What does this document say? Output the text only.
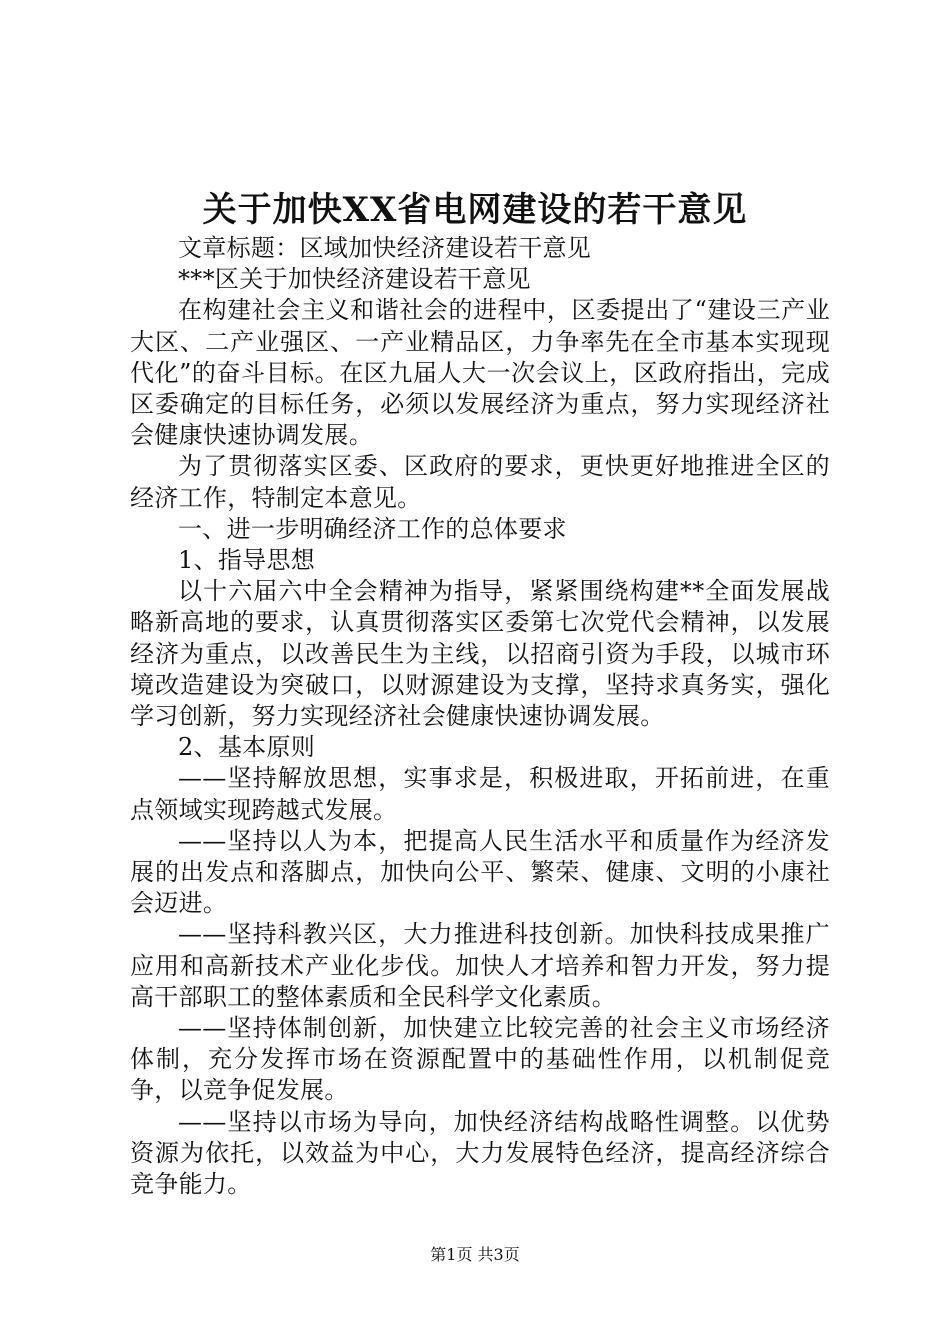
关于加快XX省电网建设的若干意见

文章标题：区域加快经济建设若干意见

***区关于加快经济建设若干意见

在构建社会主义和谐社会的进程中，区委提出了“建设三产业大区、二产业强区、一产业精品区，力争率先在全市基本实现现代化”的奋斗目标。在区九届人大一次会议上，区政府指出，完成区委确定的目标任务，必须以发展经济为重点，努力实现经济社会健康快速协调发展。

为了贯彻落实区委、区政府的要求，更快更好地推进全区的经济工作，特制定本意见。

一、进一步明确经济工作的总体要求

1、指导思想

以十六届六中全会精神为指导，紧紧围绕构建**全面发展战略新高地的要求，认真贯彻落实区委第七次党代会精神，以发展经济为重点，以改善民生为主线，以招商引资为手段，以城市环境改造建设为突破口，以财源建设为支撑，坚持求真务实，强化学习创新，努力实现经济社会健康快速协调发展。

2、基本原则

——坚持解放思想，实事求是，积极进取，开拓前进，在重点领域实现跨越式发展。

——坚持以人为本，把提高人民生活水平和质量作为经济发展的出发点和落脚点，加快向公平、繁荣、健康、文明的小康社会迈进。

——坚持科教兴区，大力推进科技创新。加快科技成果推广应用和高新技术产业化步伐。加快人才培养和智力开发，努力提高干部职工的整体素质和全民科学文化素质。

——坚持体制创新，加快建立比较完善的社会主义市场经济体制，充分发挥市场在资源配置中的基础性作用，以机制促竞争，以竞争促发展。

——坚持以市场为导向，加快经济结构战略性调整。以优势资源为依托，以效益为中心，大力发展特色经济，提高经济综合竞争能力。

第1页 共3页
